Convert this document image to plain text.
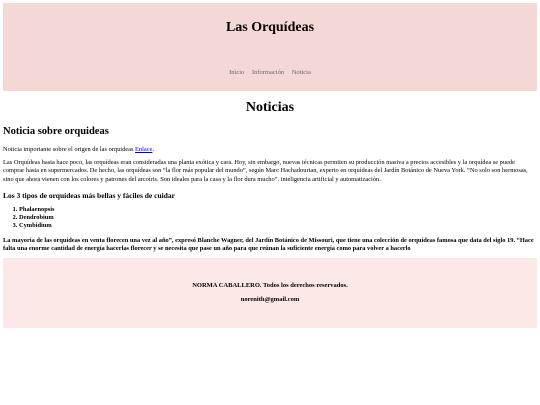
Las Orquídeas
Inicio Información Noticia
Noticias
Noticia sobre orquideas

Noticia importante sobre el origen de las orquideas Enlace.

Las Orquídeas hasta hace poco, las orquídeas eran consideradas una planta exótica y cara. Hoy, sin embargo, nuevas técnicas permiten su producción masiva a precios accesibles y la orquídea se puede comprar hasta en supermercados. De hecho, las orquídeas son “la flor más popular del mundo”, según Marc Hachadourian, experto en orquídeas del Jardín Botánico de Nueva York. “No solo son hermosas, sino que ahora vienen con los colores y patrones del arcoíris. Son ideales para la casa y la flor dura mucho”. inteligencia artificial y automatización.

Los 3 tipos de orquídeas más bellas y fáciles de cuidar
1. Phalaenopsis
2. Dendrobium
3. Cymbidium

La mayoría de las orquídeas en venta florecen una vez al año”, expresó Blanche Wagner, del Jardín Botánico de Missouri, que tiene una colección de orquídeas famosa que data del siglo 19. “Hace falta una enorme cantidad de energía hacerlas florecer y se necesita que pase un año para que reúnan la suficiente energía como para volver a hacerlo

NORMA CABALLERO. Todos los derechos reservados.
norenith@gmail.com
